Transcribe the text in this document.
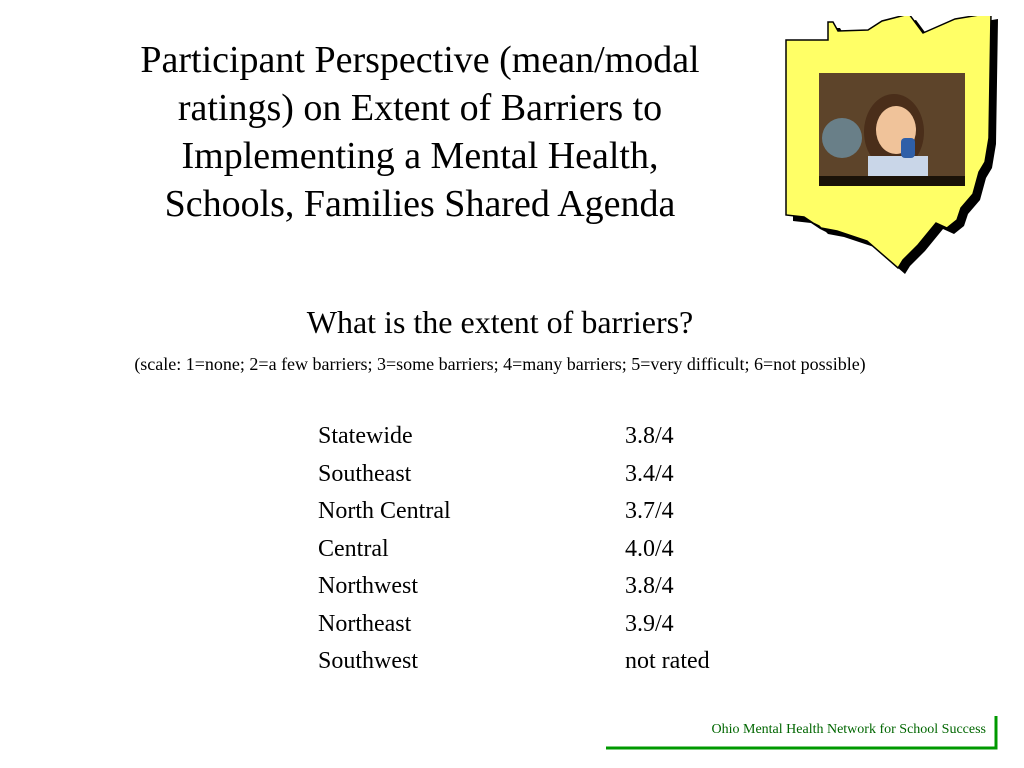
Participant Perspective (mean/modal
ratings) on Extent of Barriers to
Implementing a Mental Health,
Schools, Families Shared Agenda
What is the extent of barriers?
(scale: 1=none; 2=a few barriers; 3=some barriers; 4=many barriers; 5=very difficult; 6=not possible)
Statewide	3.8/4
Southeast	3.4/4
North Central	3.7/4
Central	4.0/4
Northwest	3.8/4
Northeast	3.9/4
Southwest	not rated
Ohio Mental Health Network for School Success
